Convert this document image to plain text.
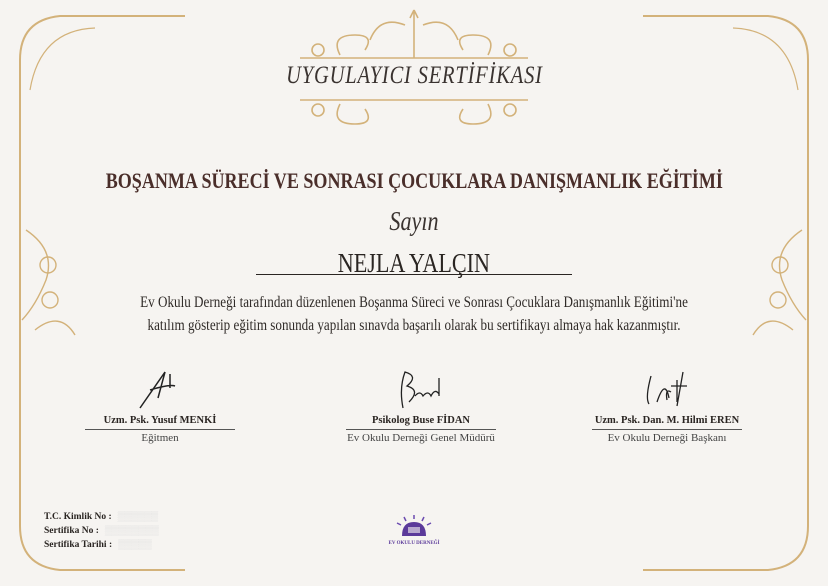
UYGULAYICI SERTİFİKASI
BOŞANMA SÜRECİ VE SONRASI ÇOCUKLARA DANIŞMANLIK EĞİTİMİ
Sayın
NEJLA YALÇIN
Ev Okulu Derneği tarafından düzenlenen Boşanma Süreci ve Sonrası Çocuklara Danışmanlık Eğitimi'ne
katılım gösterip eğitim sonunda yapılan sınavda başarılı olarak bu sertifikayı almaya hak kazanmıştır.
Uzm. Psk. Yusuf MENKİ
Eğitmen
Psikolog Buse FİDAN
Ev Okulu Derneği Genel Müdürü
Uzm. Psk. Dan. M. Hilmi EREN
Ev Okulu Derneği Başkanı
T.C. Kimlik No : ▒▒▒▒▒▒
Sertifika No : ▒▒▒▒▒▒▒▒
Sertifika Tarihi : ▒▒▒▒▒	EV OKULU DERNEĞİ
